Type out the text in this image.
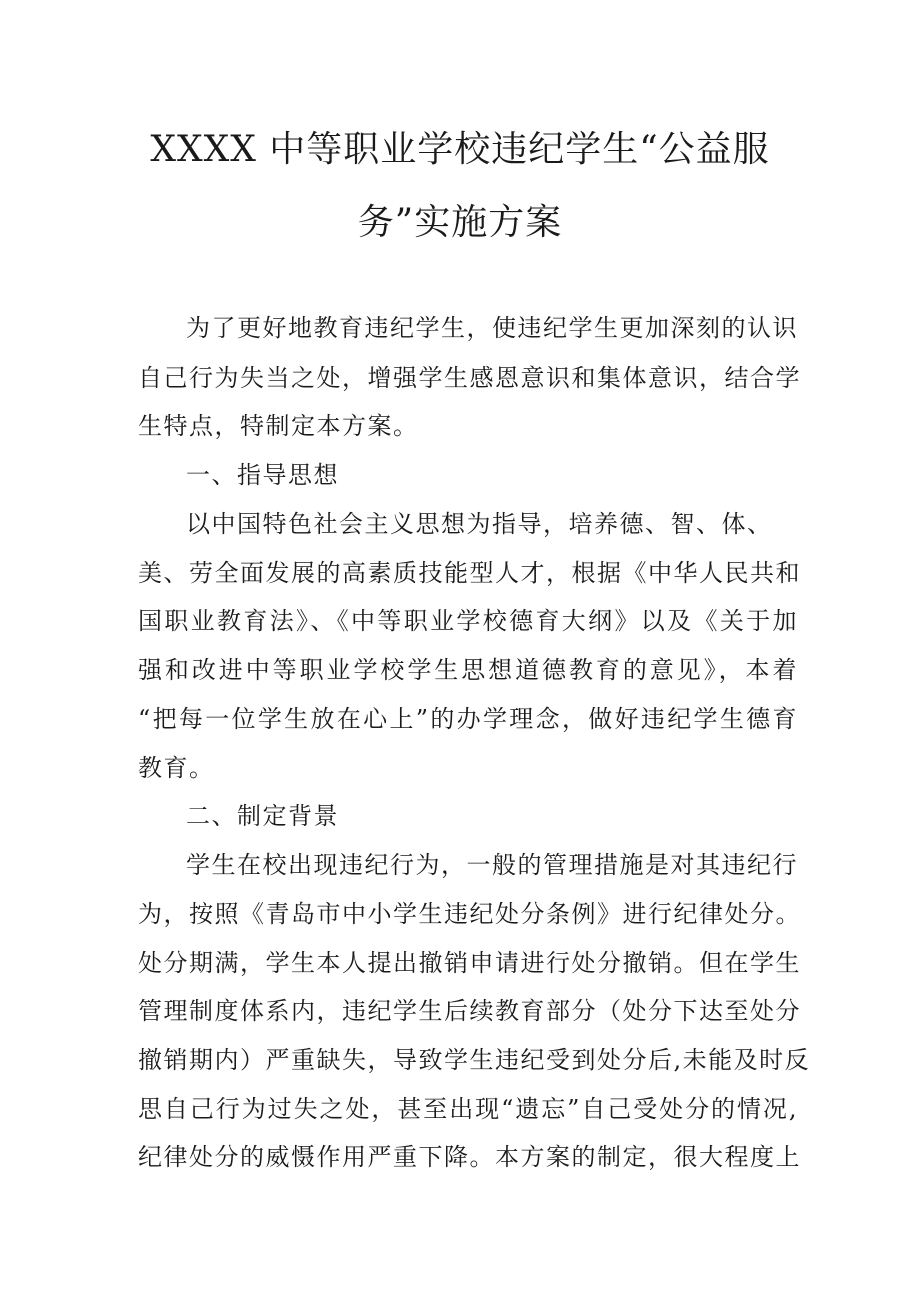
XXXX 中等职业学校违纪学生“公益服
务”实施方案
为了更好地教育违纪学生，使违纪学生更加深刻的认识
自己行为失当之处，增强学生感恩意识和集体意识，结合学
生特点，特制定本方案。
一、指导思想
以中国特色社会主义思想为指导，培养德、智、体、
美、劳全面发展的高素质技能型人才，根据《中华人民共和
国职业教育法》、《中等职业学校德育大纲》以及《关于加
强和改进中等职业学校学生思想道德教育的意见》，本着
“把每一位学生放在心上”的办学理念，做好违纪学生德育
教育。
二、制定背景
学生在校出现违纪行为，一般的管理措施是对其违纪行
为，按照《青岛市中小学生违纪处分条例》进行纪律处分。
处分期满，学生本人提出撤销申请进行处分撤销。但在学生
管理制度体系内，违纪学生后续教育部分（处分下达至处分
撤销期内）严重缺失，导致学生违纪受到处分后,未能及时反
思自己行为过失之处，甚至出现“遗忘”自己受处分的情况,
纪律处分的威慑作用严重下降。本方案的制定，很大程度上
